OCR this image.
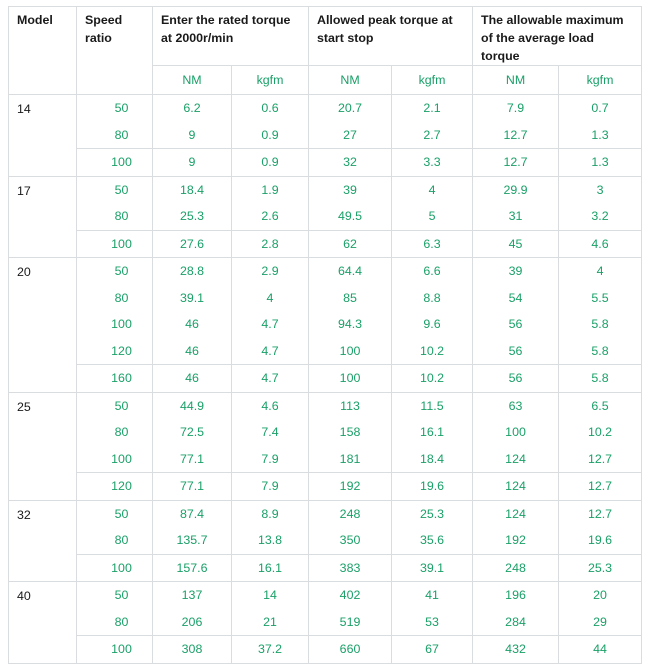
Model	Speed ratio	Enter the rated torque at 2000r/min		Allowed peak torque at start stop		The allowable maximum of the average load torque	
		NM	kgfm	NM	kgfm	NM	kgfm
14	50	6.2	0.6	20.7	2.1	7.9	0.7
	80	9	0.9	27	2.7	12.7	1.3
	100	9	0.9	32	3.3	12.7	1.3
17	50	18.4	1.9	39	4	29.9	3
	80	25.3	2.6	49.5	5	31	3.2
	100	27.6	2.8	62	6.3	45	4.6
20	50	28.8	2.9	64.4	6.6	39	4
	80	39.1	4	85	8.8	54	5.5
	100	46	4.7	94.3	9.6	56	5.8
	120	46	4.7	100	10.2	56	5.8
	160	46	4.7	100	10.2	56	5.8
25	50	44.9	4.6	113	11.5	63	6.5
	80	72.5	7.4	158	16.1	100	10.2
	100	77.1	7.9	181	18.4	124	12.7
	120	77.1	7.9	192	19.6	124	12.7
32	50	87.4	8.9	248	25.3	124	12.7
	80	135.7	13.8	350	35.6	192	19.6
	100	157.6	16.1	383	39.1	248	25.3
40	50	137	14	402	41	196	20
	80	206	21	519	53	284	29
	100	308	37.2	660	67	432	44
